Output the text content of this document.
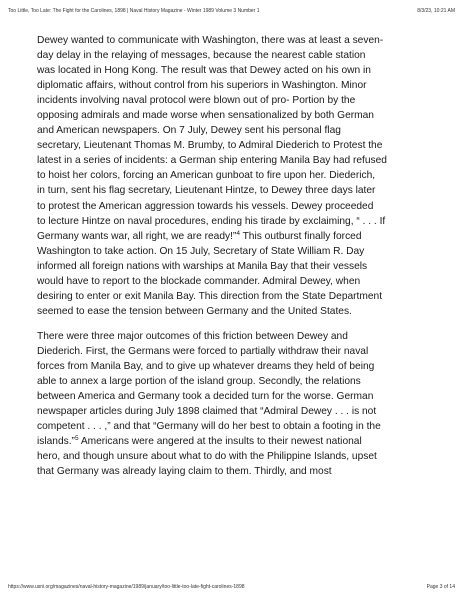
Too Little, Too Late: The Fight for the Carolines, 1898 | Naval History Magazine - Winter 1989 Volume 3 Number 1	8/3/23, 10:21 AM

Dewey wanted to communicate with Washington, there was at least a seven-
day delay in the relaying of messages, because the nearest cable station
was located in Hong Kong. The result was that Dewey acted on his own in
diplomatic affairs, without control from his superiors in Washington. Minor
incidents involving naval protocol were blown out of pro- Portion by the
opposing admirals and made worse when sensationalized by both German
and American newspapers. On 7 July, Dewey sent his personal flag
secretary, Lieutenant Thomas M. Brumby, to Admiral Diederich to Protest the
latest in a series of incidents: a German ship entering Manila Bay had refused
to hoist her colors, forcing an American gunboat to fire upon her. Diederich,
in turn, sent his flag secretary, Lieutenant Hintze, to Dewey three days later
to protest the American aggression towards his vessels. Dewey proceeded
to lecture Hintze on naval procedures, ending his tirade by exclaiming, “ . . . If
Germany wants war, all right, we are ready!”$^4$ This outburst finally forced
Washington to take action. On 15 July, Secretary of State William R. Day
informed all foreign nations with warships at Manila Bay that their vessels
would have to report to the blockade commander. Admiral Dewey, when
desiring to enter or exit Manila Bay. This direction from the State Department
seemed to ease the tension between Germany and the United States.

There were three major outcomes of this friction between Dewey and
Diederich. First, the Germans were forced to partially withdraw their naval
forces from Manila Bay, and to give up whatever dreams they held of being
able to annex a large portion of the island group. Secondly, the relations
between America and Germany took a decided turn for the worse. German
newspaper articles during July 1898 claimed that “Admiral Dewey . . . is not
competent . . . ,” and that “Germany will do her best to obtain a footing in the
islands.”$^5$ Americans were angered at the insults to their newest national
hero, and though unsure about what to do with the Philippine Islands, upset
that Germany was already laying claim to them. Thirdly, and most

https://www.usni.org/magazines/naval-history-magazine/1989/january/too-little-too-late-fight-carolines-1898	Page 3 of 14
